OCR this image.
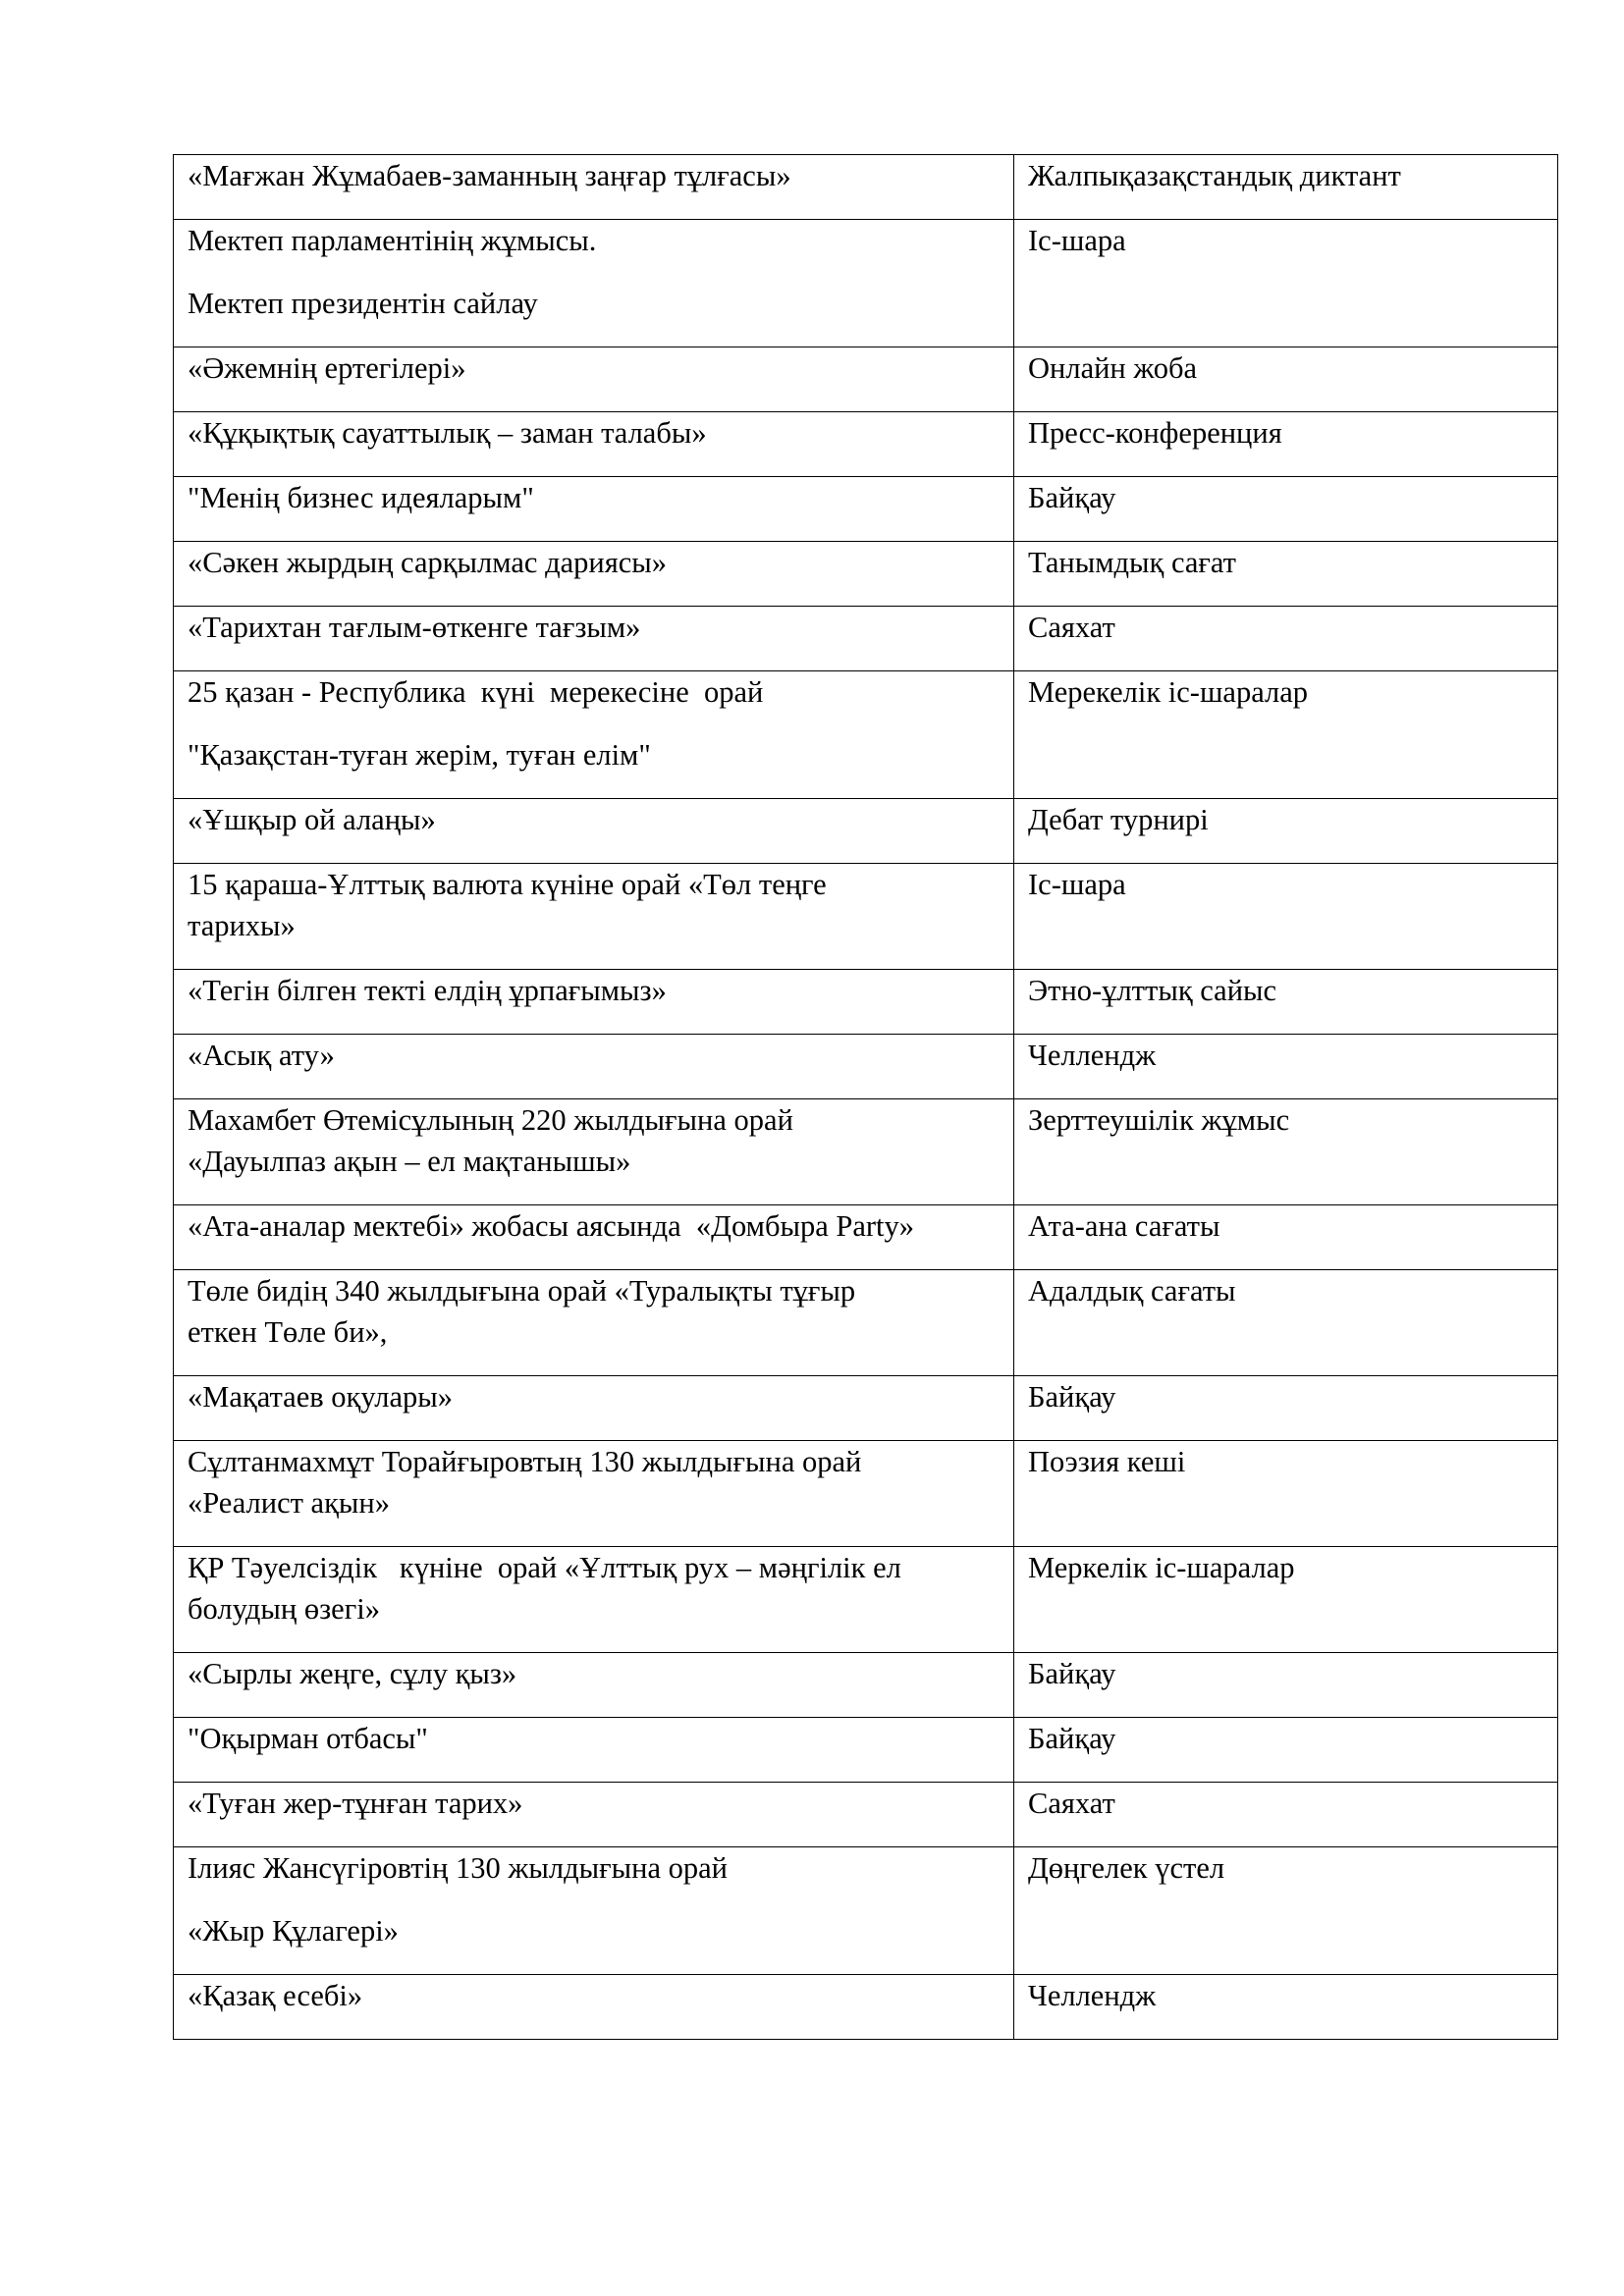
«Мағжан Жұмабаев-заманның заңғар тұлғасы»	Жалпықазақстандық диктант

Мектеп парламентінің жұмысы.
Мектеп президентін сайлау	Іс-шара

«Әжемнің ертегілері»	Онлайн жоба

«Құқықтық сауаттылық – заман талабы»	Пресс-конференция

"Менің бизнес идеяларым"	Байқау

«Сәкен жырдың сарқылмас дариясы»	Танымдық сағат

«Тарихтан тағлым-өткенге тағзым»	Саяхат

25 қазан - Республика  күні  мерекесіне  орай
"Қазақстан-туған жерім, туған елім"	Мерекелік іс-шаралар

«Ұшқыр ой алаңы»	Дебат турнирі

15 қараша-Ұлттық валюта күніне орай «Төл теңге
тарихы»	Іс-шара

«Тегін білген текті елдің ұрпағымыз»	Этно-ұлттық сайыс

«Асық ату»	Челлендж

Махамбет Өтемісұлының 220 жылдығына орай
«Дауылпаз ақын – ел мақтанышы»	Зерттеушілік жұмыс

«Ата-аналар мектебі» жобасы аясында  «Домбыра Party»	Ата-ана сағаты

Төле бидің 340 жылдығына орай «Туралықты тұғыр
еткен Төле би»,	Адалдық сағаты

«Мақатаев оқулары»	Байқау

Сұлтанмахмұт Торайғыровтың 130 жылдығына орай
«Реалист ақын»	Поэзия кеші

ҚР Тәуелсіздік   күніне  орай «Ұлттық рух – мәңгілік ел
болудың өзегі»	Меркелік іс-шаралар

«Сырлы жеңге, сұлу қыз»	Байқау

"Оқырман отбасы"	Байқау

«Туған жер-тұнған тарих»	Саяхат

Ілияс Жансүгіровтің 130 жылдығына орай
«Жыр Құлагері»	Дөңгелек үстел

«Қазақ есебі»	Челлендж
